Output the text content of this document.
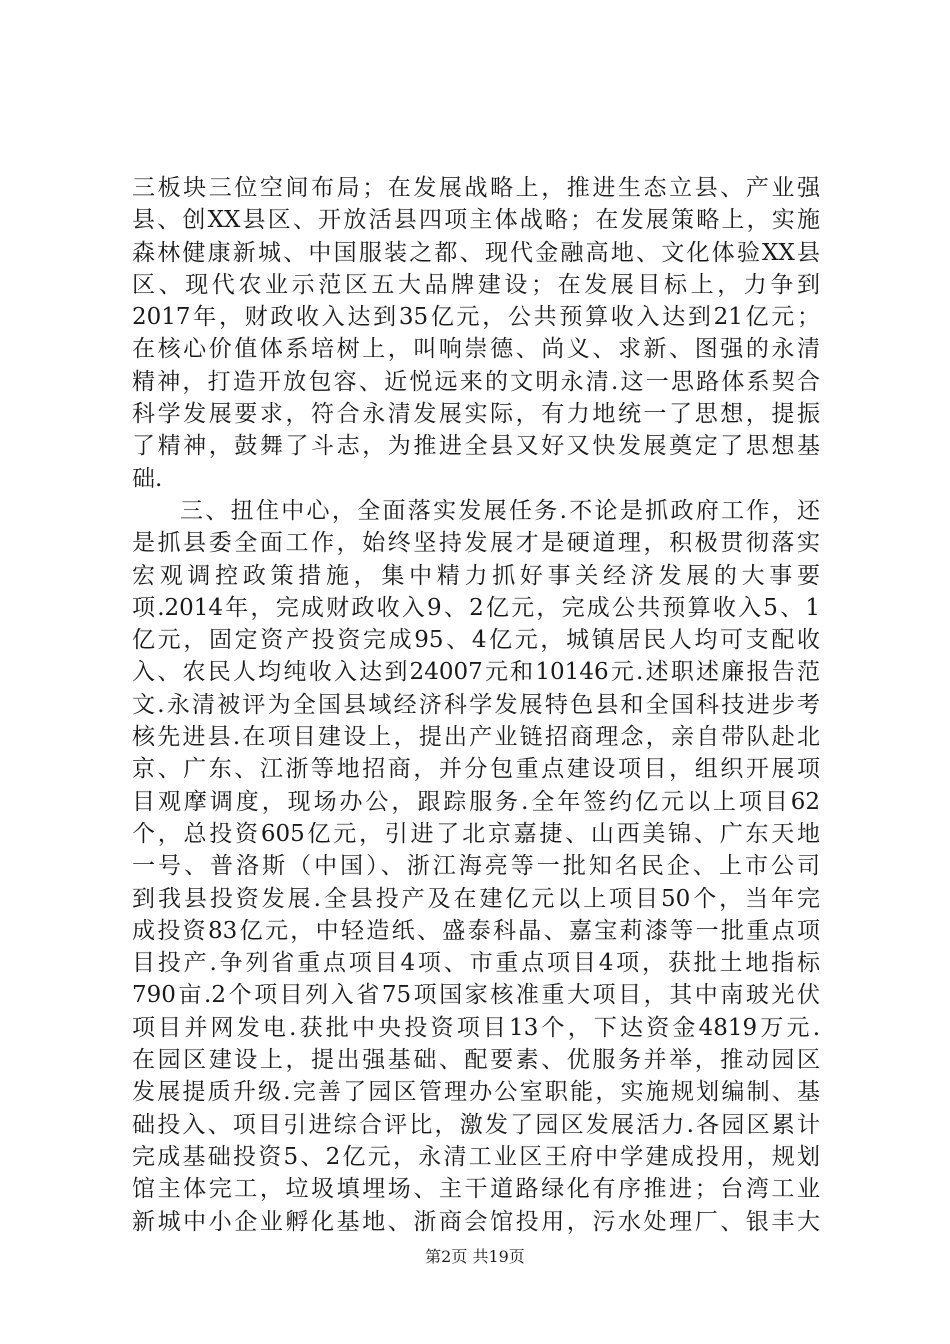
三板块三位空间布局；在发展战略上，推进生态立县、产业强
县、创XX县区、开放活县四项主体战略；在发展策略上，实施
森林健康新城、中国服装之都、现代金融高地、文化体验XX县
区、现代农业示范区五大品牌建设；在发展目标上，力争到
2017年，财政收入达到35亿元，公共预算收入达到21亿元；
在核心价值体系培树上，叫响崇德、尚义、求新、图强的永清
精神，打造开放包容、近悦远来的文明永清.这一思路体系契合
科学发展要求，符合永清发展实际，有力地统一了思想，提振
了精神，鼓舞了斗志，为推进全县又好又快发展奠定了思想基
础.
三、扭住中心，全面落实发展任务.不论是抓政府工作，还
是抓县委全面工作，始终坚持发展才是硬道理，积极贯彻落实
宏观调控政策措施，集中精力抓好事关经济发展的大事要
项.2014年，完成财政收入9、2亿元，完成公共预算收入5、1
亿元，固定资产投资完成95、4亿元，城镇居民人均可支配收
入、农民人均纯收入达到24007元和10146元.述职述廉报告范
文.永清被评为全国县域经济科学发展特色县和全国科技进步考
核先进县.在项目建设上，提出产业链招商理念，亲自带队赴北
京、广东、江浙等地招商，并分包重点建设项目，组织开展项
目观摩调度，现场办公，跟踪服务.全年签约亿元以上项目62
个，总投资605亿元，引进了北京嘉捷、山西美锦、广东天地
一号、普洛斯（中国）、浙江海亮等一批知名民企、上市公司
到我县投资发展.全县投产及在建亿元以上项目50个，当年完
成投资83亿元，中轻造纸、盛泰科晶、嘉宝莉漆等一批重点项
目投产.争列省重点项目4项、市重点项目4项，获批土地指标
790亩.2个项目列入省75项国家核准重大项目，其中南玻光伏
项目并网发电.获批中央投资项目13个，下达资金4819万元.
在园区建设上，提出强基础、配要素、优服务并举，推动园区
发展提质升级.完善了园区管理办公室职能，实施规划编制、基
础投入、项目引进综合评比，激发了园区发展活力.各园区累计
完成基础投资5、2亿元，永清工业区王府中学建成投用，规划
馆主体完工，垃圾填埋场、主干道路绿化有序推进；台湾工业
新城中小企业孵化基地、浙商会馆投用，污水处理厂、银丰大
第2页 共19页
